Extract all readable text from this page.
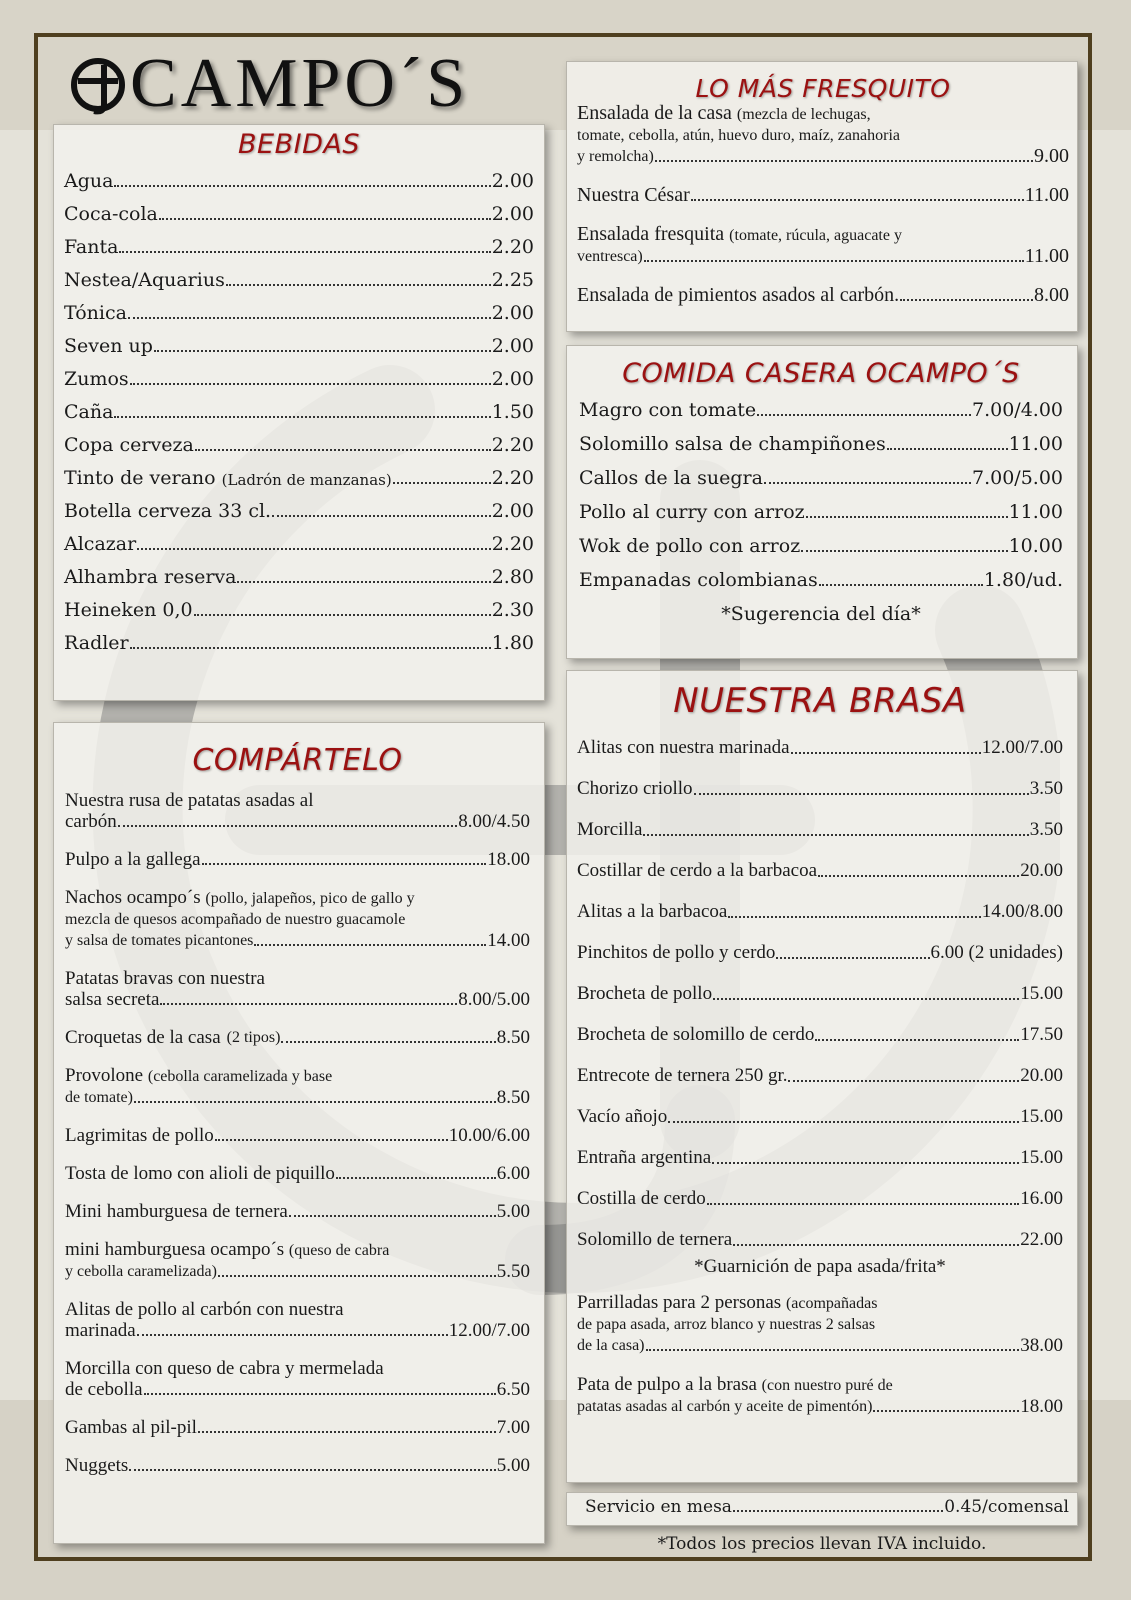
CAMPO´S
BEBIDAS
Agua	2.00
Coca-cola	2.00
Fanta	2.20
Nestea/Aquarius	2.25
Tónica	2.00
Seven up	2.00
Zumos	2.00
Caña	1.50
Copa cerveza	2.20
Tinto de verano (Ladrón de manzanas)	2.20
Botella cerveza 33 cl.	2.00
Alcazar	2.20
Alhambra reserva	2.80
Heineken 0,0	2.30
Radler	1.80
COMPÁRTELO
Nuestra rusa de patatas asadas al
carbón	8.00/4.50
Pulpo a la gallega	18.00
Nachos ocampo´s (pollo, jalapeños, pico de gallo y
mezcla de quesos acompañado de nuestro guacamole
y salsa de tomates picantones	14.00
Patatas bravas con nuestra
salsa secreta	8.00/5.00
Croquetas de la casa (2 tipos)	8.50
Provolone (cebolla caramelizada y base
de tomate)	8.50
Lagrimitas de pollo	10.00/6.00
Tosta de lomo con alioli de piquillo	6.00
Mini hamburguesa de ternera	5.00
mini hamburguesa ocampo´s (queso de cabra
y cebolla caramelizada)	5.50
Alitas de pollo al carbón con nuestra
marinada	12.00/7.00
Morcilla con queso de cabra y mermelada
de cebolla	6.50
Gambas al pil-pil	7.00
Nuggets	5.00
LO MÁS FRESQUITO
Ensalada de la casa (mezcla de lechugas,
tomate, cebolla, atún, huevo duro, maíz, zanahoria
y remolcha)	9.00
Nuestra César	11.00
Ensalada fresquita (tomate, rúcula, aguacate y
ventresca)	11.00
Ensalada de pimientos asados al carbón.	8.00
COMIDA CASERA OCAMPO´S
Magro con tomate	7.00/4.00
Solomillo salsa de champiñones	11.00
Callos de la suegra	7.00/5.00
Pollo al curry con arroz	11.00
Wok de pollo con arroz	10.00
Empanadas colombianas	1.80/ud.
*Sugerencia del día*
NUESTRA BRASA
Alitas con nuestra marinada	12.00/7.00
Chorizo criollo	3.50
Morcilla	3.50
Costillar de cerdo a la barbacoa	20.00
Alitas a la barbacoa	14.00/8.00
Pinchitos de pollo y cerdo	6.00 (2 unidades)
Brocheta de pollo	15.00
Brocheta de solomillo de cerdo	17.50
Entrecote de ternera 250 gr.	20.00
Vacío añojo	15.00
Entraña argentina	15.00
Costilla de cerdo	16.00
Solomillo de ternera	22.00
*Guarnición de papa asada/frita*
Parrilladas para 2 personas (acompañadas
de papa asada, arroz blanco y nuestras 2 salsas
de la casa)	38.00
Pata de pulpo a la brasa (con nuestro puré de
patatas asadas al carbón y aceite de pimentón)	18.00
Servicio en mesa	0.45/comensal
*Todos los precios llevan IVA incluido.
